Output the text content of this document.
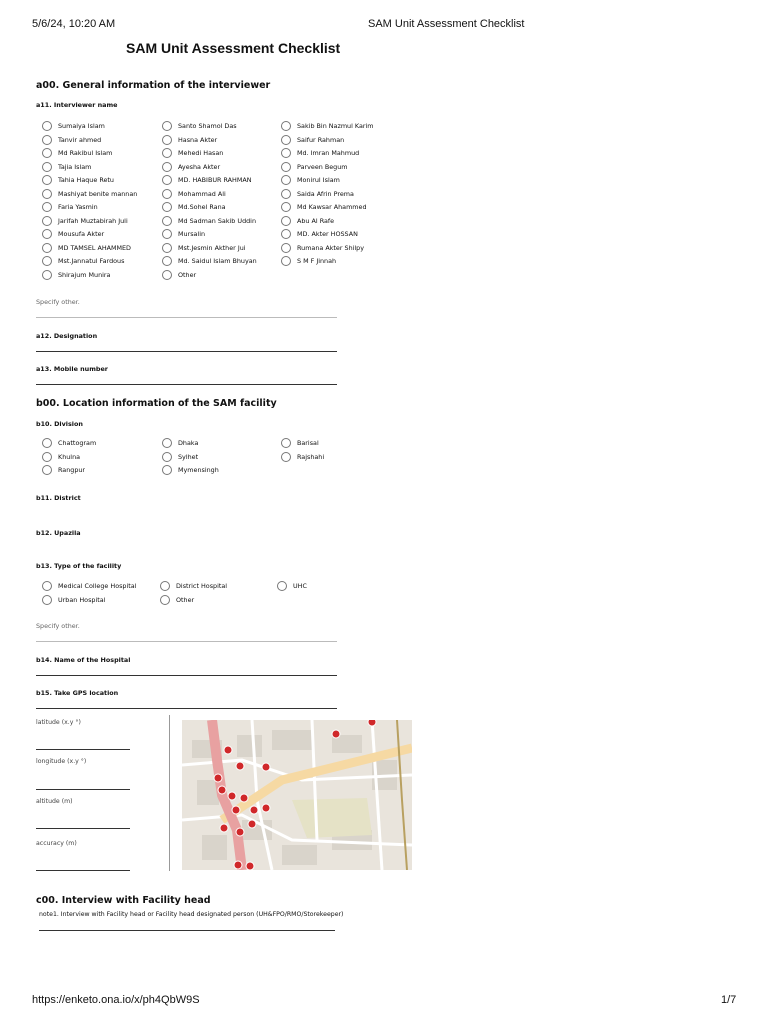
5/6/24, 10:20 AM	SAM Unit Assessment Checklist
SAM Unit Assessment Checklist
a00. General information of the interviewer
a11. Interviewer name
Specify other.
a12. Designation
a13. Mobile number
b00. Location information of the SAM facility
b10. Division
b11. District
b12. Upazila
b13. Type of the facility
Specify other.
b14. Name of the Hospital
b15. Take GPS location
latitude (x.y °)
longitude (x.y °)
altitude (m)
accuracy (m)
c00. Interview with Facility head
note1. Interview with Facility head or Facility head designated person (UH&FPO/RMO/Storekeeper)
https://enketo.ona.io/x/ph4QbW9S	1/7
Sumaiya Islam
Tanvir ahmed
Md Rakibul Islam
Tajia Islam
Tahia Haque Retu
Mashiyat benite mannan
Faria Yasmin
Jarifah Muztabirah Juli
Mousufa Akter
MD TAMSEL AHAMMED
Mst.Jannatul Fardous
Shirajum Munira
Santo Shamol Das
Hasna Akter
Mehedi Hasan
Ayesha Akter
MD. HABIBUR RAHMAN
Mohammad Ali
Md.Sohel Rana
Md Sadman Sakib Uddin
Mursalin
Mst.Jesmin Akther Jui
Md. Saidul Islam Bhuyan
Other
Sakib Bin Nazmul Karim
Saifur Rahman
Md. Imran Mahmud
Parveen Begum
Monirul Islam
Saida Afrin Prema
Md Kawsar Ahammed
Abu Al Rafe
MD. Akter HOSSAN
Rumana Akter Shilpy
S M F Jinnah
Chattogram
Khulna
Rangpur
Dhaka
Sylhet
Mymensingh
Barisal
Rajshahi
Medical College Hospital
Urban Hospital
District Hospital
Other
UHC
